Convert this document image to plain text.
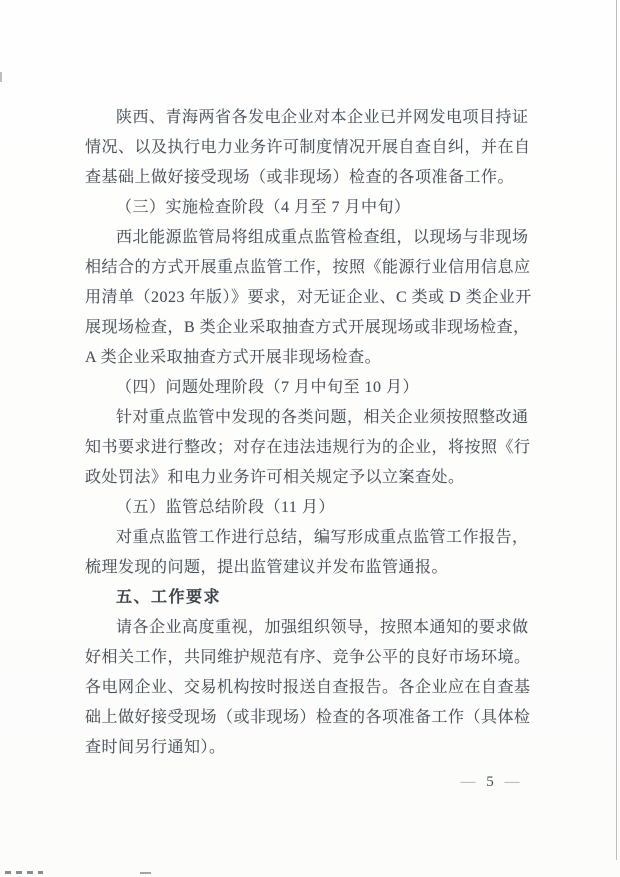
陕西、青海两省各发电企业对本企业已并网发电项目持证
情况、以及执行电力业务许可制度情况开展自查自纠，并在自
查基础上做好接受现场（或非现场）检查的各项准备工作。
（三）实施检查阶段（4 月至 7 月中旬）
西北能源监管局将组成重点监管检查组，以现场与非现场
相结合的方式开展重点监管工作，按照《能源行业信用信息应
用清单（2023 年版）》要求，对无证企业、C 类或 D 类企业开
展现场检查，B 类企业采取抽查方式开展现场或非现场检查，
A 类企业采取抽查方式开展非现场检查。
（四）问题处理阶段（7 月中旬至 10 月）
针对重点监管中发现的各类问题，相关企业须按照整改通
知书要求进行整改；对存在违法违规行为的企业，将按照《行
政处罚法》和电力业务许可相关规定予以立案查处。
（五）监管总结阶段（11 月）
对重点监管工作进行总结，编写形成重点监管工作报告，
梳理发现的问题，提出监管建议并发布监管通报。
五、工作要求
请各企业高度重视，加强组织领导，按照本通知的要求做
好相关工作，共同维护规范有序、竞争公平的良好市场环境。
各电网企业、交易机构按时报送自查报告。各企业应在自查基
础上做好接受现场（或非现场）检查的各项准备工作（具体检
查时间另行通知）。
— 5 —
